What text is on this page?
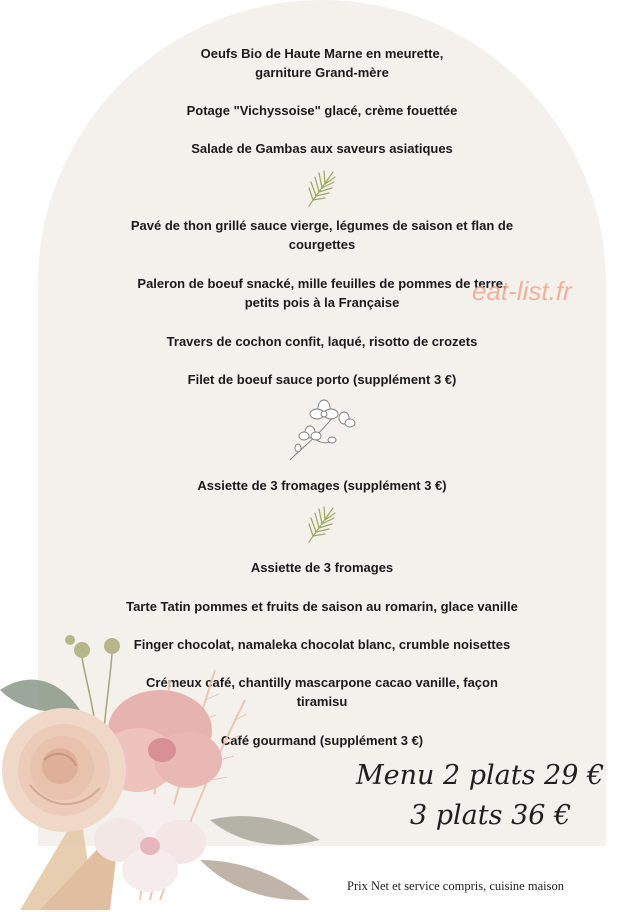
Oeufs Bio de Haute Marne en meurette,
garniture Grand-mère
Potage "Vichyssoise" glacé, crème fouettée
Salade de Gambas aux saveurs asiatiques
Pavé de thon grillé sauce vierge, légumes de saison et flan de
courgettes
Paleron de boeuf snacké, mille feuilles de pommes de terre,
petits pois à la Française
Travers de cochon confit, laqué, risotto de crozets
Filet de boeuf sauce porto (supplément 3 €)
Assiette de 3 fromages (supplément 3 €)
Assiette de 3 fromages
Tarte Tatin pommes et fruits de saison au romarin, glace vanille
Finger chocolat, namaleka chocolat blanc, crumble noisettes
Crémeux café, chantilly mascarpone cacao vanille, façon
tiramisu
Café gourmand (supplément 3 €)
eat-list.fr
Menu 2 plats 29 €
3 plats 36 €
Prix Net et service compris, cuisine maison
